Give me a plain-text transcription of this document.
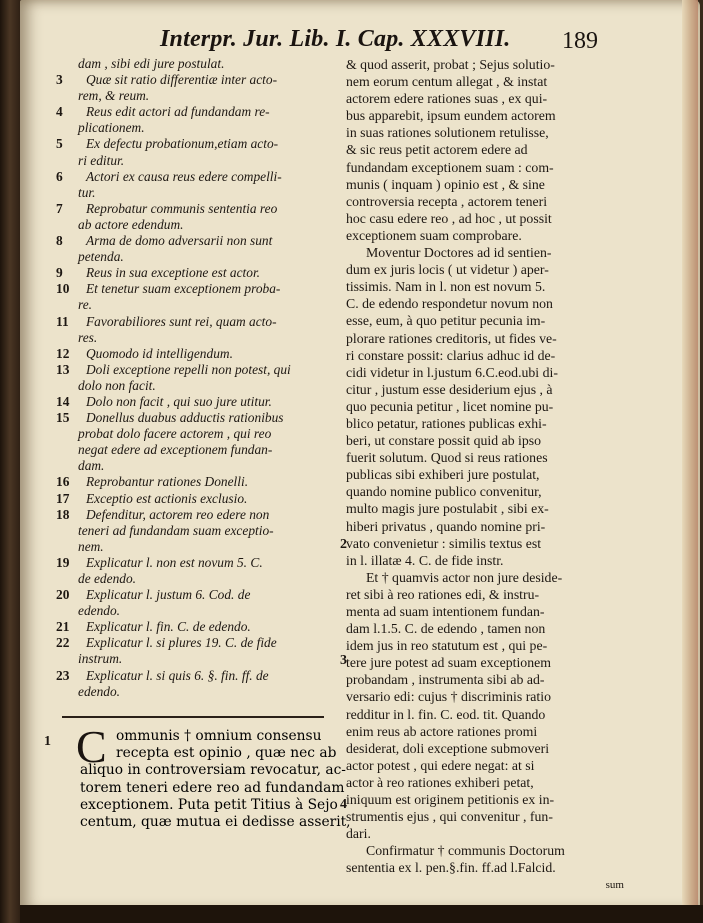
Interpr. Jur. Lib. I. Cap. XXXVIII. 189
dam , sibi edi jure postulat.
3	Quæ sit ratio differentiæ inter acto-
rem, & reum.
4	Reus edit actori ad fundandam re-
plicationem.
5	Ex defectu probationum,etiam acto-
ri editur.
6	Actori ex causa reus edere compelli-
tur.
7	Reprobatur communis sententia reo
ab actore edendum.
8	Arma de domo adversarii non sunt
petenda.
9	Reus in sua exceptione est actor.
10	Et tenetur suam exceptionem proba-
re.
11	Favorabiliores sunt rei, quam acto-
res.
12	Quomodo id intelligendum.
13	Doli exceptione repelli non potest, qui
dolo non facit.
14	Dolo non facit , qui suo jure utitur.
15	Donellus duabus adductis rationibus
probat dolo facere actorem , qui reo
negat edere ad exceptionem fundan-
dam.
16	Reprobantur rationes Donelli.
17	Exceptio est actionis exclusio.
18	Defenditur, actorem reo edere non
teneri ad fundandam suam exceptio-
nem.
19	Explicatur l. non est novum 5. C.
de edendo.
20	Explicatur l. justum 6. Cod. de
edendo.
21	Explicatur l. fin. C. de edendo.
22	Explicatur l. si plures 19. C. de fide
instrum.
23	Explicatur l. si quis 6. §. fin. ff. de
edendo.
1 C ommunis † omnium consensu
recepta est opinio , quæ nec ab
aliquo in controversiam revocatur, ac-
torem teneri edere reo ad fundandam
exceptionem. Puta petit Titius à Sejo
centum, quæ mutua ei dedisse asserit,
& quod asserit, probat ; Sejus solutio-
nem eorum centum allegat , & instat
actorem edere rationes suas , ex qui-
bus apparebit, ipsum eundem actorem
in suas rationes solutionem retulisse,
& sic reus petit actorem edere ad
fundandam exceptionem suam : com-
munis ( inquam ) opinio est , & sine
controversia recepta , actorem teneri
hoc casu edere reo , ad hoc , ut possit
exceptionem suam comprobare.
Moventur Doctores ad id sentien-
dum ex juris locis ( ut videtur ) aper-
tissimis. Nam in l. non est novum 5.
C. de edendo respondetur novum non
esse, eum, à quo petitur pecunia im-
plorare rationes creditoris, ut fides ve-
ri constare possit: clarius adhuc id de-
cidi videtur in l.justum 6.C.eod.ubi di-
citur , justum esse desiderium ejus , à
quo pecunia petitur , licet nomine pu-
blico petatur, rationes publicas exhi-
beri, ut constare possit quid ab ipso
fuerit solutum. Quod si reus rationes
publicas sibi exhiberi jure postulat,
quando nomine publico convenitur,
multo magis jure postulabit , sibi ex-
hiberi privatus , quando nomine pri-
vato convenietur : similis textus est
in l. illatæ 4. C. de fide instr.
Et † quamvis actor non jure deside-
ret sibi à reo rationes edi, & instru-
menta ad suam intentionem fundan-
dam l.1.5. C. de edendo , tamen non
idem jus in reo statutum est , qui pe-
tere jure potest ad suam exceptionem
probandam , instrumenta sibi ab ad-
versario edi: cujus † discriminis ratio
redditur in l. fin. C. eod. tit. Quando
enim reus ab actore rationes promi
desiderat, doli exceptione submoveri
actor potest , qui edere negat: at si
actor à reo rationes exhiberi petat,
iniquum est originem petitionis ex in-
strumentis ejus , qui convenitur , fun-
dari.
Confirmatur † communis Doctorum
sententia ex l. pen.§.fin. ff.ad l.Falcid.
sum
2
3
4
